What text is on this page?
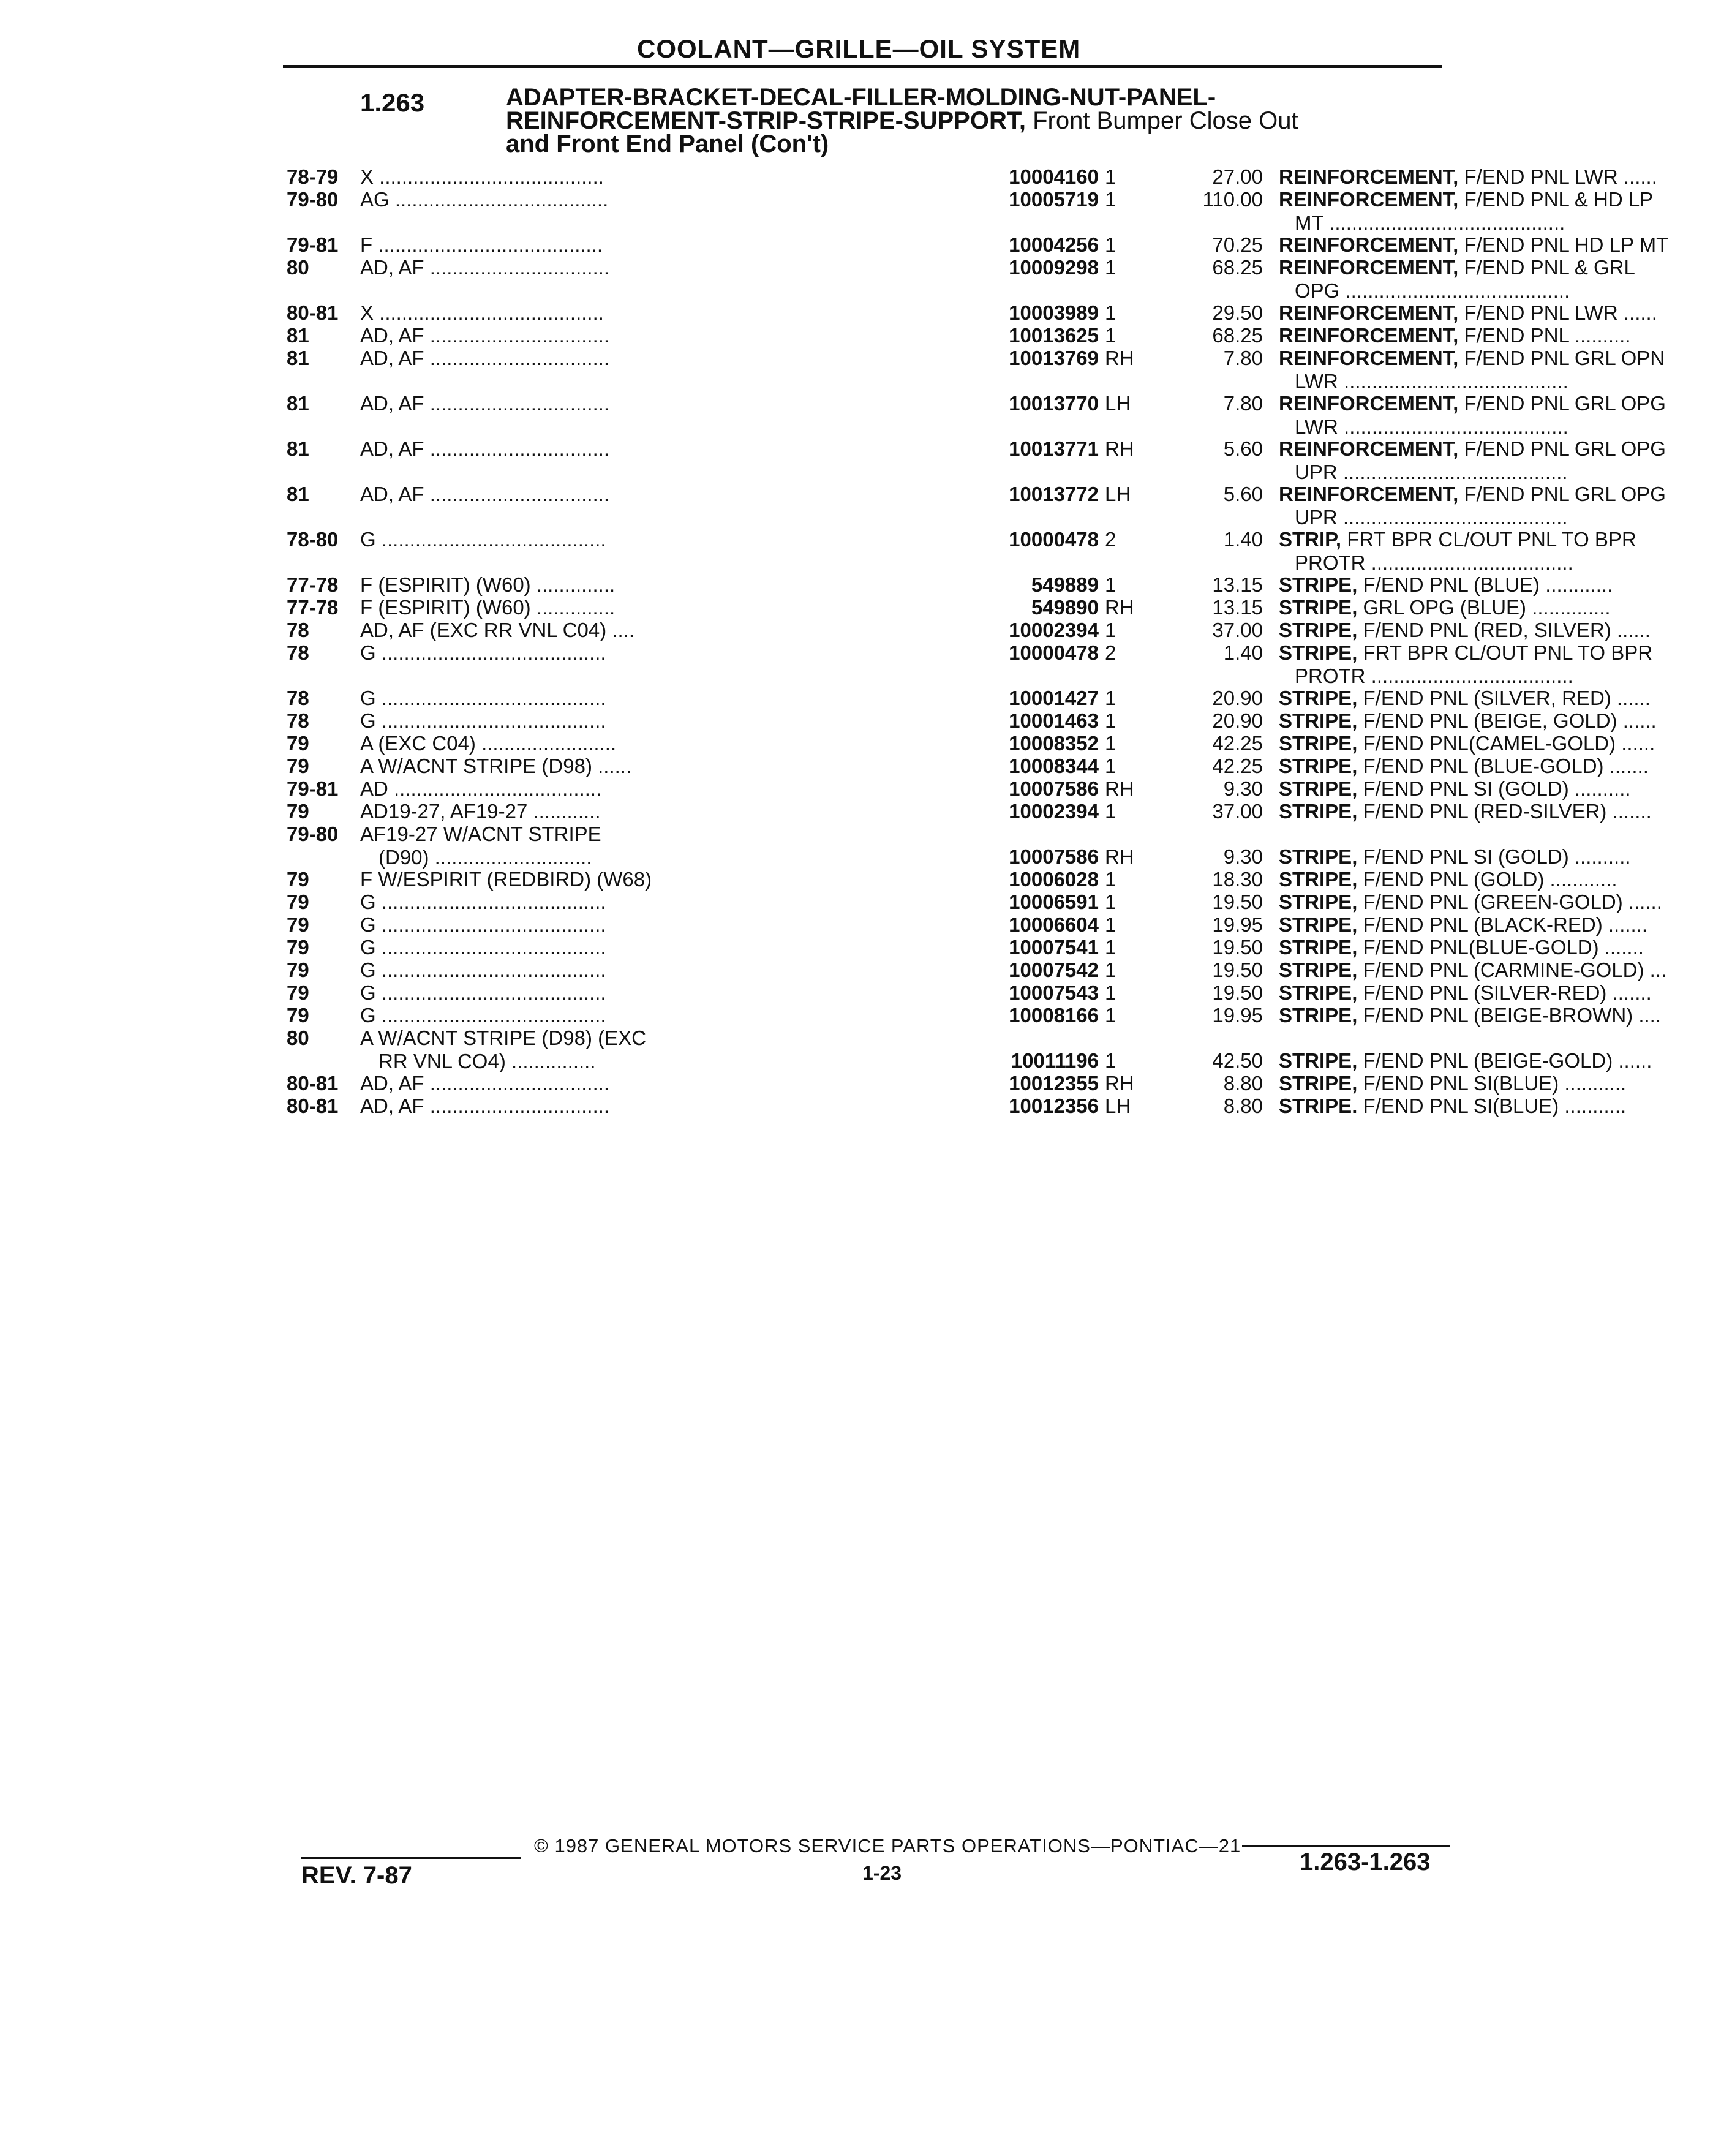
COOLANT—GRILLE—OIL SYSTEM
1.263	ADAPTER-BRACKET-DECAL-FILLER-MOLDING-NUT-PANEL-
REINFORCEMENT-STRIP-STRIPE-SUPPORT, Front Bumper Close Out
and Front End Panel (Con't)
78-79 X ........................................	10004160 1	27.00 REINFORCEMENT, F/END PNL LWR ......
79-80 AG ......................................	10005719 1	110.00 REINFORCEMENT, F/END PNL & HD LP
MT ..........................................
79-81 F ........................................	10004256 1	70.25 REINFORCEMENT, F/END PNL HD LP MT
80	AD, AF ................................	10009298 1	68.25 REINFORCEMENT, F/END PNL & GRL
OPG ........................................
80-81 X ........................................	10003989 1	29.50 REINFORCEMENT, F/END PNL LWR ......
81	AD, AF ................................	10013625 1	68.25 REINFORCEMENT, F/END PNL ..........
81	AD, AF ................................	10013769 RH	7.80 REINFORCEMENT, F/END PNL GRL OPN
LWR ........................................
81	AD, AF ................................	10013770 LH	7.80 REINFORCEMENT, F/END PNL GRL OPG
LWR ........................................
81	AD, AF ................................	10013771 RH	5.60 REINFORCEMENT, F/END PNL GRL OPG
UPR ........................................
81	AD, AF ................................	10013772 LH	5.60 REINFORCEMENT, F/END PNL GRL OPG
UPR ........................................
78-80 G ........................................	10000478 2	1.40 STRIP, FRT BPR CL/OUT PNL TO BPR
PROTR ....................................
77-78 F (ESPIRIT) (W60) ..............	549889 1	13.15 STRIPE, F/END PNL (BLUE) ............
77-78 F (ESPIRIT) (W60) ..............	549890 RH	13.15 STRIPE, GRL OPG (BLUE) ..............
78	AD, AF (EXC RR VNL C04) ....	10002394 1	37.00 STRIPE, F/END PNL (RED, SILVER) ......
78	G ........................................	10000478 2	1.40 STRIPE, FRT BPR CL/OUT PNL TO BPR
PROTR ....................................
78	G ........................................	10001427 1	20.90 STRIPE, F/END PNL (SILVER, RED) ......
78	G ........................................	10001463 1	20.90 STRIPE, F/END PNL (BEIGE, GOLD) ......
79	A (EXC C04) ........................	10008352 1	42.25 STRIPE, F/END PNL(CAMEL-GOLD) ......
79	A W/ACNT STRIPE (D98) ......	10008344 1	42.25 STRIPE, F/END PNL (BLUE-GOLD) .......
79-81 AD .....................................	10007586 RH	9.30 STRIPE, F/END PNL SI (GOLD) ..........
79	AD19-27, AF19-27 ............	10002394 1	37.00 STRIPE, F/END PNL (RED-SILVER) .......
79-80 AF19-27 W/ACNT STRIPE
(D90) ............................	10007586 RH	9.30 STRIPE, F/END PNL SI (GOLD) ..........
79	F W/ESPIRIT (REDBIRD) (W68)	10006028 1	18.30 STRIPE, F/END PNL (GOLD) ............
79	G ........................................	10006591 1	19.50 STRIPE, F/END PNL (GREEN-GOLD) ......
79	G ........................................	10006604 1	19.95 STRIPE, F/END PNL (BLACK-RED) .......
79	G ........................................	10007541 1	19.50 STRIPE, F/END PNL(BLUE-GOLD) .......
79	G ........................................	10007542 1	19.50 STRIPE, F/END PNL (CARMINE-GOLD) ...
79	G ........................................	10007543 1	19.50 STRIPE, F/END PNL (SILVER-RED) .......
79	G ........................................	10008166 1	19.95 STRIPE, F/END PNL (BEIGE-BROWN) ....
80	A W/ACNT STRIPE (D98) (EXC
RR VNL CO4) ...............	10011196 1	42.50 STRIPE, F/END PNL (BEIGE-GOLD) ......
80-81 AD, AF ................................	10012355 RH	8.80 STRIPE, F/END PNL SI(BLUE) ...........
80-81 AD, AF ................................	10012356 LH	8.80 STRIPE. F/END PNL SI(BLUE) ...........
© 1987 GENERAL MOTORS SERVICE PARTS OPERATIONS—PONTIAC—21
1-23
REV. 7-87	1.263-1.263
